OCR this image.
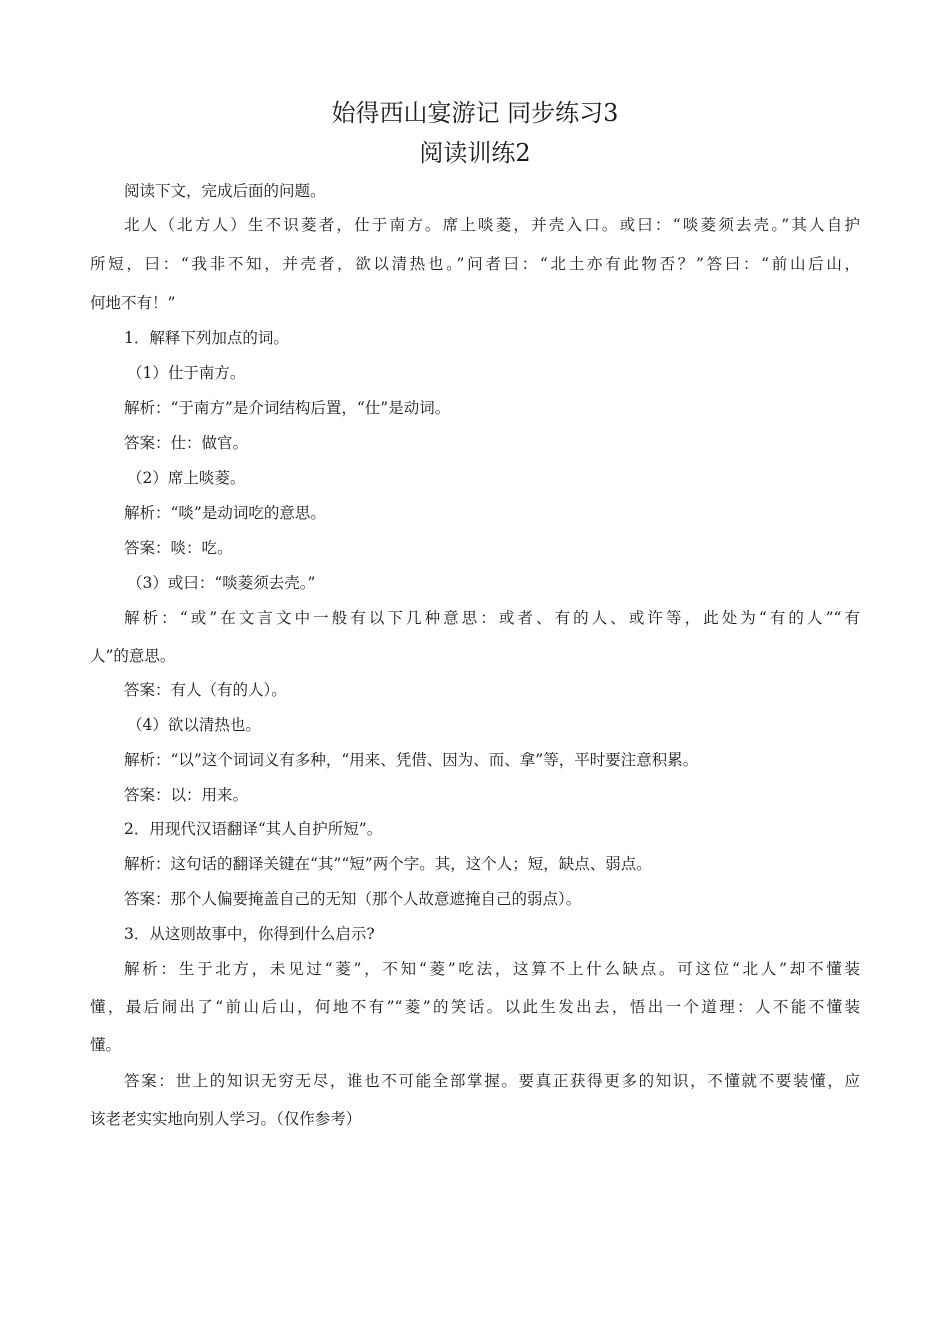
始得西山宴游记 同步练习3
阅读训练2
阅读下文，完成后面的问题。
北人（北方人）生不识菱者，仕于南方。席上啖菱，并壳入口。或曰：“啖菱须去壳。”其人自护
所短，曰：“我非不知，并壳者，欲以清热也。”问者曰：“北土亦有此物否？”答曰：“前山后山，
何地不有！”
1．解释下列加点的词。
（1）仕于南方。
解析：“于南方”是介词结构后置，“仕”是动词。
答案：仕：做官。
（2）席上啖菱。
解析：“啖”是动词吃的意思。
答案：啖：吃。
（3）或曰：“啖菱须去壳。”
解析：“或”在文言文中一般有以下几种意思：或者、有的人、或许等，此处为“有的人”“有
人”的意思。
答案：有人（有的人）。
（4）欲以清热也。
解析：“以”这个词词义有多种，“用来、凭借、因为、而、拿”等，平时要注意积累。
答案：以：用来。
2．用现代汉语翻译“其人自护所短”。
解析：这句话的翻译关键在“其”“短”两个字。其，这个人；短，缺点、弱点。
答案：那个人偏要掩盖自己的无知（那个人故意遮掩自己的弱点）。
3．从这则故事中，你得到什么启示?
解析：生于北方，未见过“菱”，不知“菱”吃法，这算不上什么缺点。可这位“北人”却不懂装
懂，最后闹出了“前山后山，何地不有”“菱”的笑话。以此生发出去，悟出一个道理：人不能不懂装
懂。
答案：世上的知识无穷无尽，谁也不可能全部掌握。要真正获得更多的知识，不懂就不要装懂，应
该老老实实地向别人学习。（仅作参考）
